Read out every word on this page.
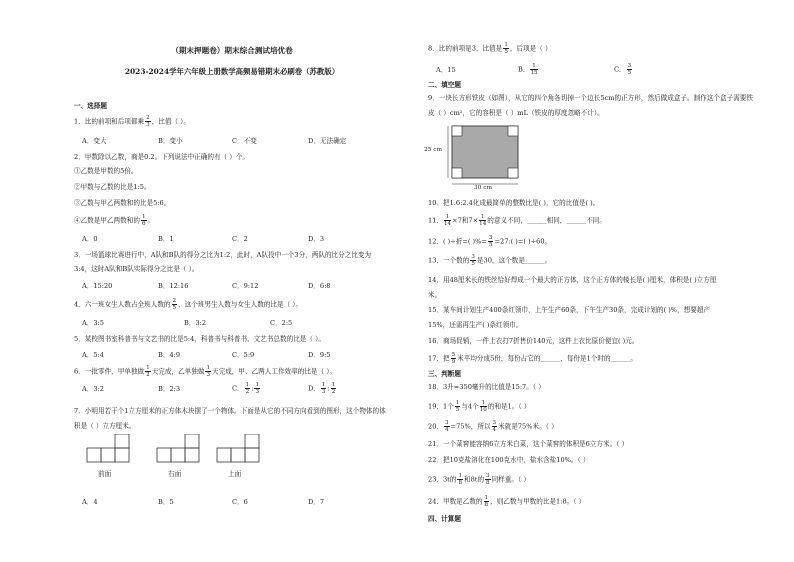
（期末押题卷）期末综合测试培优卷
2023-2024学年六年级上册数学高频易错期末必刷卷（苏教版）
一、选择题
1．比的前项和后项都乘 $\frac{2}{3}$ ，比值（ ）。
A．变大	B．变小	C．不变	D．无法确定
2．甲数除以乙数，商是0.2。下列说法中正确的有（ ）个。
①乙数是甲数的5倍。
②甲数与乙数的比是1:5。
③乙数与甲乙两数和的比是5:6。
④乙数是甲乙两数和的 $\frac{1}{6}$ 。
A．0	B．1	C．2	D．3
3．一场篮球比赛进行中，A队和B队的得分之比为1:2，此时，A队投中一个3分，两队的比分之比变为
3:4，这时A队和B队实际得分之比是（ ）。
A．15:20	B．12:16	C．9:12	D．6:8
4．六一班女生人数占全班人数的 $\frac{2}{5}$ ，这个班男生人数与女生人数的比是（ ）。
A．3:5	B．3:2	C．2:5
5．某校图书室科普书与文艺书的比是5:4，科普书与科普书、文艺书总数的比是（ ）。
A．5:4	B．4:9	C．5:9	D．9:5
6．一批零件，甲单独做 $\frac{1}{2}$ 天完成，乙单独做 $\frac{1}{3}$ 天完成，甲、乙两人工作效率的比是（ ）。
A．3:2	B．2:3	C． $\frac{1}{2}$ : $\frac{1}{3}$	D． $\frac{1}{3}$ : $\frac{1}{2}$
7．小明用若干个1立方厘米的正方体木块摆了一个物体。下面是从它的不同方向看到的图形，这个物体的体
积是（ ）立方厘米。
前面	右面	上面
A．4	B．5	C．6	D．7
8．比的前项是3，比值是 $\frac{1}{5}$ ，后项是（ ）
A．15	B． $\frac{1}{15}$	C． $\frac{3}{5}$
二、填空题
9．一块长方形铁皮（如图），从它的四个角各切掉一个边长5cm的正方形，然后做成盒子。制作这个盒子需要铁
皮（ ）cm²，它的容积是（ ）mL（铁皮的厚度忽略不计）。
25 cm
30 cm
10．把1.6:2.4化成最简单的整数比是( )，它的比值是( )。
11． $\frac{1}{14} \times 7$和$7\times \frac{1}{14}$ 的意义不同，______相同，______不同。
12．( )÷折=( )%= $\frac{3}{5}$ =27:( )=( )÷60。
13．一个数的 $\frac{3}{5}$ 是30，这个数是______。
14．用48厘米长的铁丝恰好焊成一个最大的正方体，这个正方体的棱长是( )厘米，体积是( )立方厘
米。
15．某车间计划生产400条红领巾，上午生产60条，下午生产30条，完成计划的( )%，想要超产
15%，还需再生产( )条红领巾。
16．商场促销，一件上衣打7折售价140元，这件上衣比原价便宜( )元。
17．把 $\frac{5}{9}$ 米平均分成5份，每份占它的______，每份是1个时的______。
三、判断题
18．3升=350毫升的比值是15:7。（ ）
19．1个 $\frac{1}{5}$ 与4个 $\frac{1}{10}$ 的和是1。（ ）
20． $\frac{3}{4} =75\%$，所以 $\frac{3}{4}$ 米就是75%米。（ ）
21．一个菜窖能容纳6立方米白菜，这个菜窖的体积是6立方米。（ ）
22．把10克盐溶化在100克水中，盐水含盐10%。（ ）
23．3t的 $\frac{1}{8}$ 和8t的 $\frac{3}{8}$ 同样重。（ ）
24．甲数是乙数的 $\frac{1}{8}$ ，则乙数与甲数的比是1:8。（ ）
四、计算题
